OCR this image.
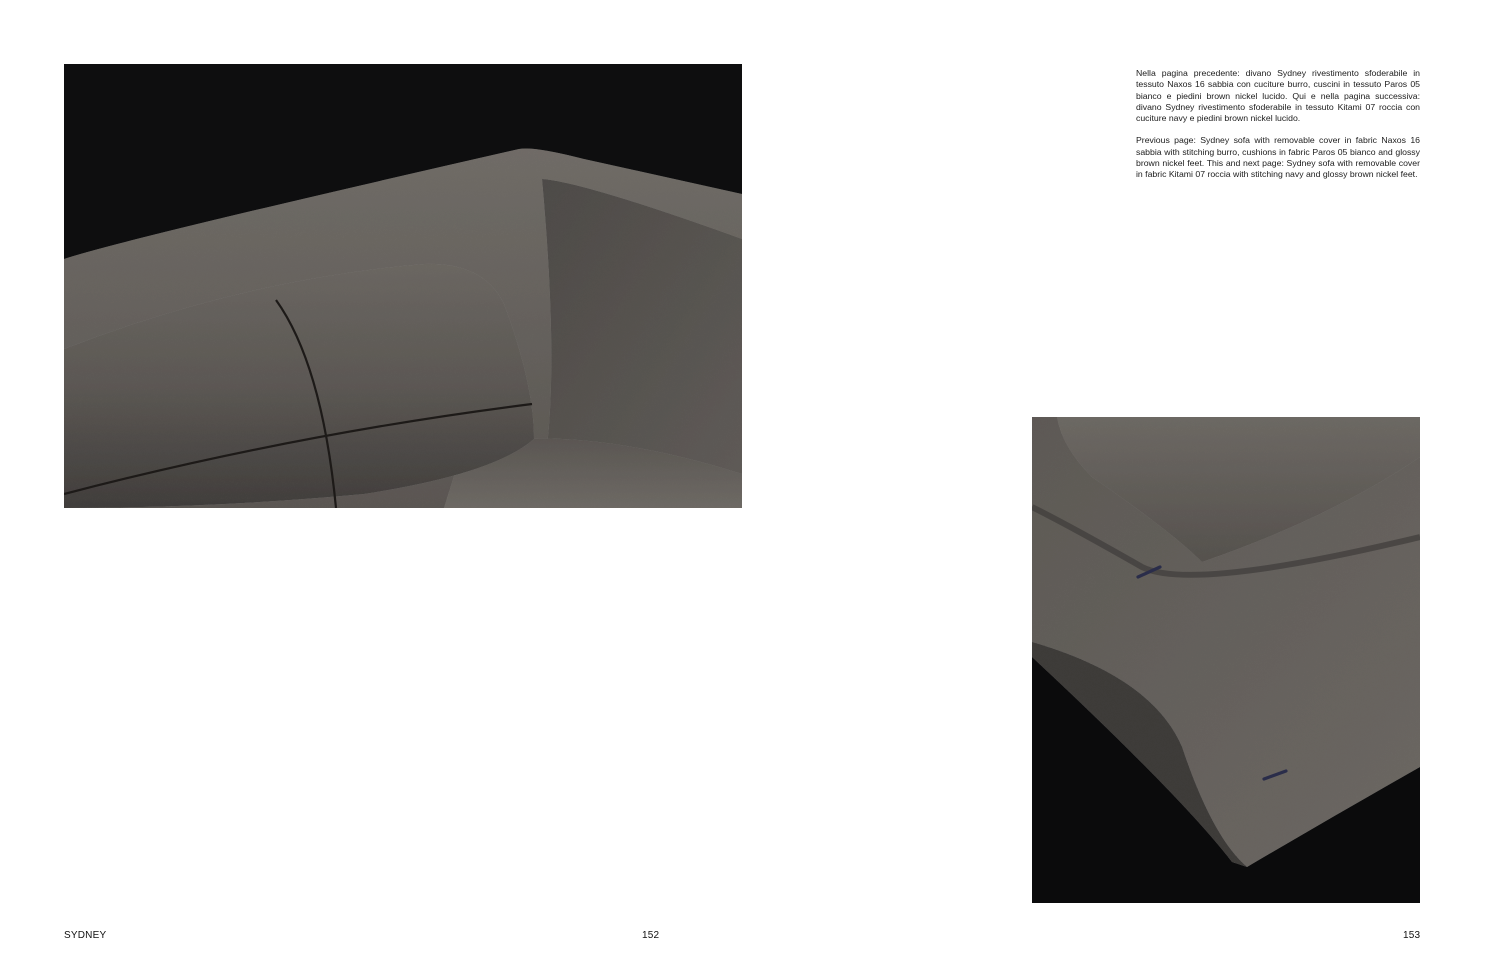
Nella pagina precedente: divano Sydney rivestimento sfoderabile in tessuto Naxos 16 sabbia con cuciture burro, cuscini in tessuto Paros 05 bianco e piedini brown nickel lucido. Qui e nella pagina successiva: divano Sydney rivestimento sfoderabile in tessuto Kitami 07 roccia con cuciture navy e piedini brown nickel lucido.

Previous page: Sydney sofa with removable cover in fabric Naxos 16 sabbia with stitching burro, cushions in fabric Paros 05 bianco and glossy brown nickel feet. This and next page: Sydney sofa with removable cover in fabric Kitami 07 roccia with stitching navy and glossy brown nickel feet.

SYDNEY	152	153
